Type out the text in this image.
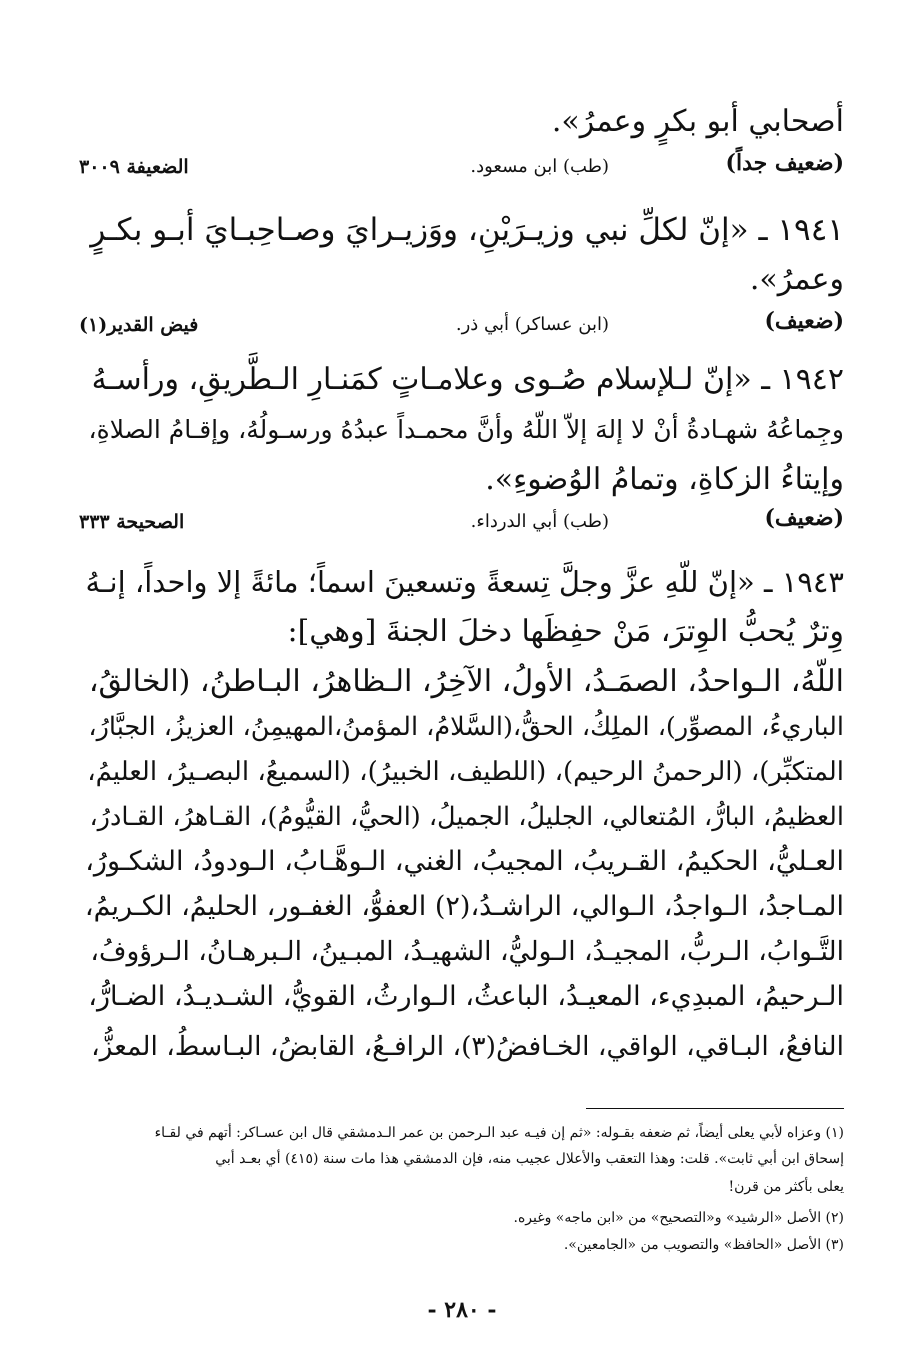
أصحابي أبو بكرٍ وعمرُ».
(ضعيف جداً)
(طب) ابن مسعود.
الضعيفة ٣٠٠٩
١٩٤١ ـ «إنّ لكلِّ نبي وزيـرَيْنِ، ووَزيـرايَ وصـاحِبـايَ أبـو بكـرٍ
وعمرُ».
(ضعيف)
(ابن عساكر) أبي ذر.
فيض القدير(١)
١٩٤٢ ـ «إنّ لـلإسلام صُـوى وعلامـاتٍ كمَنـارِ الـطَّريقِ، ورأسـهُ
وجِماعُهُ شهـادةُ أنْ لا إلهَ إلاّ اللّهُ وأنَّ محمـداً عبدُهُ ورسـولُهُ، وإقـامُ الصلاةِ،
وإيتاءُ الزكاةِ، وتمامُ الوُضوءِ».
(ضعيف)
(طب) أبي الدرداء.
الصحيحة ٣٣٣
١٩٤٣ ـ «إنّ للّهِ عزَّ وجلَّ تِسعةً وتسعينَ اسماً؛ مائةً إلا واحداً، إنـهُ
وِترٌ يُحبُّ الوِترَ، مَنْ حفِظَها دخلَ الجنةَ [وهي]:
اللّهُ، الـواحدُ، الصمَـدُ، الأولُ، الآخِرُ، الـظاهرُ، البـاطنُ، (الخالقُ،
الباريءُ، المصوِّر)، الملِكُ، الحقُّ،(السَّلامُ، المؤمنُ،المهيمِنُ، العزيزُ، الجبَّارُ،
المتكبِّر)، (الرحمنُ الرحيم)، (اللطيف، الخبيرُ)، (السميعُ، البصـيرُ، العليمُ،
العظيمُ، البارُّ، المُتعالي، الجليلُ، الجميلُ، (الحيُّ، القيُّومُ)، القـاهرُ، القـادرُ،
العـليُّ، الحكيمُ، القـريبُ، المجيبُ، الغني، الـوهَّـابُ، الـودودُ، الشكـورُ،
المـاجدُ، الـواجدُ، الـوالي، الراشـدُ،(٢) العفوُّ، الغفـور، الحليمُ، الكـريمُ،
التَّـوابُ، الـربُّ، المجيـدُ، الـوليُّ، الشهيـدُ، المبـينُ، الـبرهـانُ، الـرؤوفُ،
الـرحيمُ، المبدِيء، المعيـدُ، الباعثُ، الـوارثُ، القويُّ، الشـديـدُ، الضـارُّ،
النافعُ، البـاقي، الواقي، الخـافضُ(٣)، الرافـعُ، القابضُ، البـاسطُ، المعزُّ،
(١) وعزاه لأبي يعلى أيضاً، ثم ضعفه بقـوله: «ثم إن فيـه عبد الـرحمن بن عمر الـدمشقي قال ابن عسـاكر: أتهم في لقـاء
إسحاق ابن أبي ثابت». قلت: وهذا التعقب والأعلال عجيب منه، فإن الدمشقي هذا مات سنة (٤١٥) أي بعـد أبي
يعلى بأكثر من قرن!
(٢) الأصل «الرشيد» و«التصحيح» من «ابن ماجه» وغيره.
(٣) الأصل «الحافظ» والتصويب من «الجامعين».
- ٢٨٠ -
